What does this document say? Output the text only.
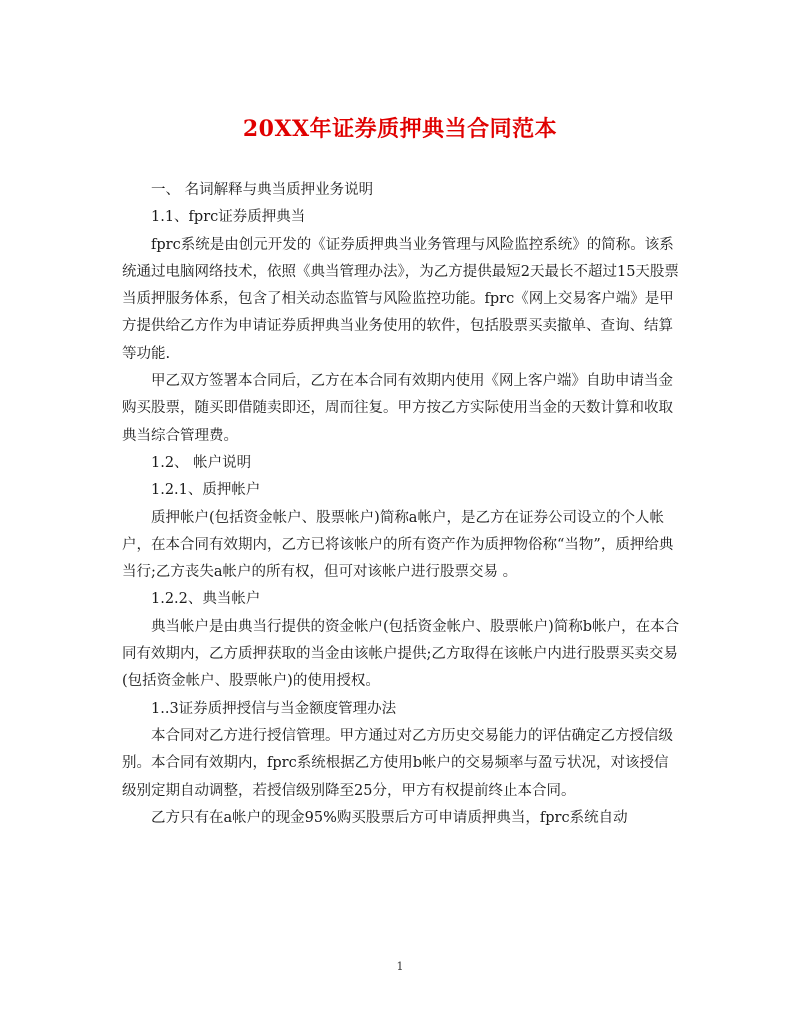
20XX年证券质押典当合同范本

一、 名词解释与典当质押业务说明

1.1、fprc证券质押典当

fprc系统是由创元开发的《证券质押典当业务管理与风险监控系统》的简称。该系统通过电脑网络技术，依照《典当管理办法》，为乙方提供最短2天最长不超过15天股票当质押服务体系，包含了相关动态监管与风险监控功能。fprc《网上交易客户端》是甲方提供给乙方作为申请证券质押典当业务使用的软件，包括股票买卖撤单、查询、结算等功能.

甲乙双方签署本合同后，乙方在本合同有效期内使用《网上客户端》自助申请当金购买股票，随买即借随卖即还，周而往复。甲方按乙方实际使用当金的天数计算和收取典当综合管理费。

1.2、 帐户说明

1.2.1、质押帐户

质押帐户(包括资金帐户、股票帐户)简称a帐户，是乙方在证券公司设立的个人帐户，在本合同有效期内，乙方已将该帐户的所有资产作为质押物俗称“当物”，质押给典当行;乙方丧失a帐户的所有权，但可对该帐户进行股票交易 。

1.2.2、典当帐户

典当帐户是由典当行提供的资金帐户(包括资金帐户、股票帐户)简称b帐户，在本合同有效期内，乙方质押获取的当金由该帐户提供;乙方取得在该帐户内进行股票买卖交易(包括资金帐户、股票帐户)的使用授权。

1..3证券质押授信与当金额度管理办法

本合同对乙方进行授信管理。甲方通过对乙方历史交易能力的评估确定乙方授信级别。本合同有效期内，fprc系统根据乙方使用b帐户的交易频率与盈亏状况，对该授信级别定期自动调整，若授信级别降至25分，甲方有权提前终止本合同。

乙方只有在a帐户的现金95%购买股票后方可申请质押典当，fprc系统自动

1
